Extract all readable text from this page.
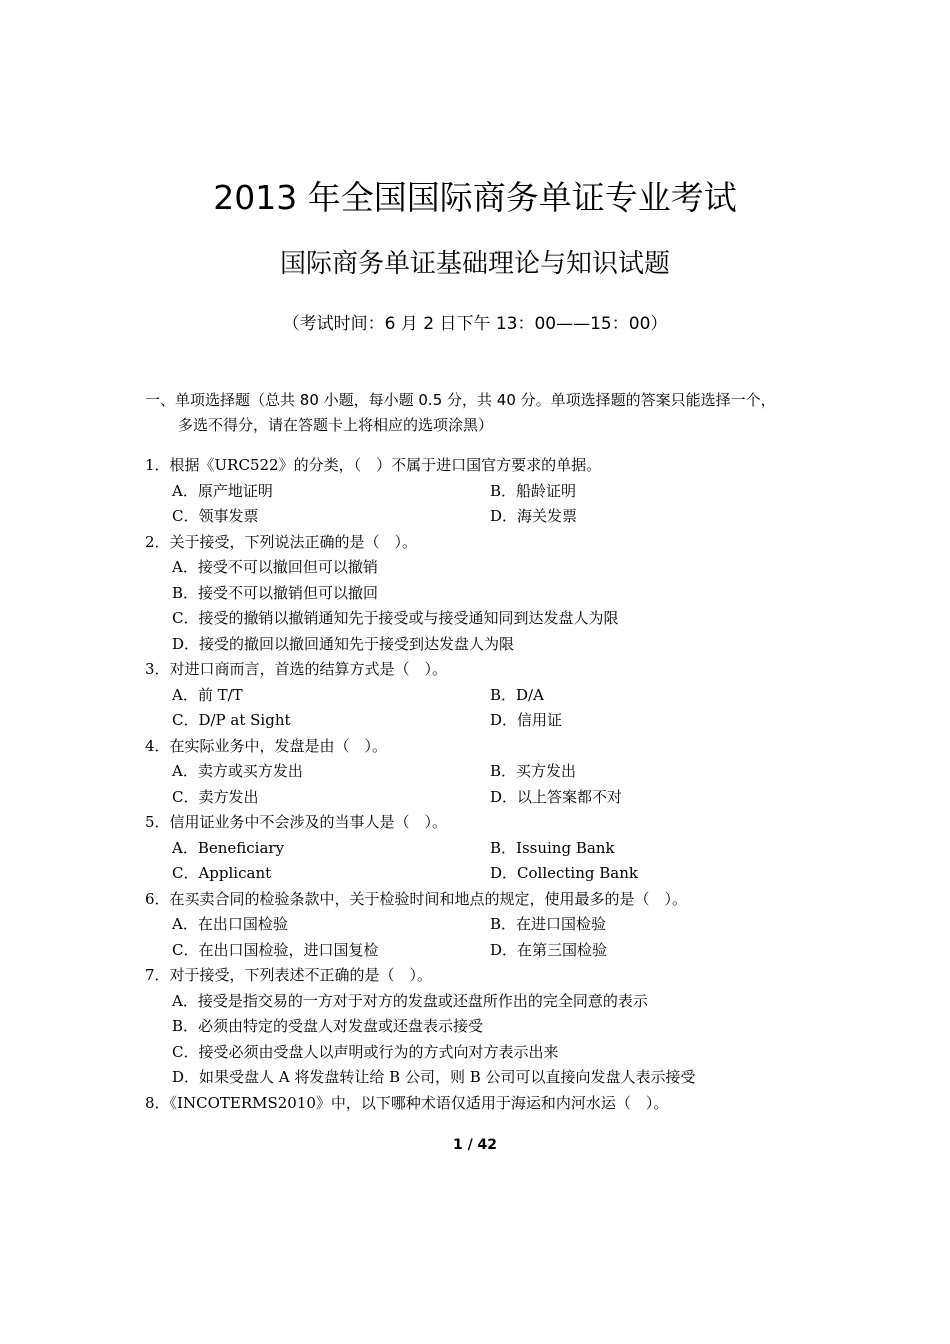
2013 年全国国际商务单证专业考试
国际商务单证基础理论与知识试题
（考试时间：6 月 2 日下午 13：00——15：00）
一、单项选择题（总共 80 小题，每小题 0.5 分，共 40 分。单项选择题的答案只能选择一个，
多选不得分，请在答题卡上将相应的选项涂黑）
1．根据《URC522》的分类，（　）不属于进口国官方要求的单据。
A．原产地证明	B．船龄证明
C．领事发票	D．海关发票
2．关于接受，下列说法正确的是（　）。
A．接受不可以撤回但可以撤销
B．接受不可以撤销但可以撤回
C．接受的撤销以撤销通知先于接受或与接受通知同到达发盘人为限
D．接受的撤回以撤回通知先于接受到达发盘人为限
3．对进口商而言，首选的结算方式是（　）。
A．前 T/T	B．D/A
C．D/P at Sight	D．信用证
4．在实际业务中，发盘是由（　）。
A．卖方或买方发出	B．买方发出
C．卖方发出	D．以上答案都不对
5．信用证业务中不会涉及的当事人是（　）。
A．Beneficiary	B．Issuing Bank
C．Applicant	D．Collecting Bank
6．在买卖合同的检验条款中，关于检验时间和地点的规定，使用最多的是（　）。
A．在出口国检验	B．在进口国检验
C．在出口国检验，进口国复检	D．在第三国检验
7．对于接受，下列表述不正确的是（　）。
A．接受是指交易的一方对于对方的发盘或还盘所作出的完全同意的表示
B．必须由特定的受盘人对发盘或还盘表示接受
C．接受必须由受盘人以声明或行为的方式向对方表示出来
D．如果受盘人 A 将发盘转让给 B 公司，则 B 公司可以直接向发盘人表示接受
8．《INCOTERMS2010》中，以下哪种术语仅适用于海运和内河水运（　）。
1 / 42
